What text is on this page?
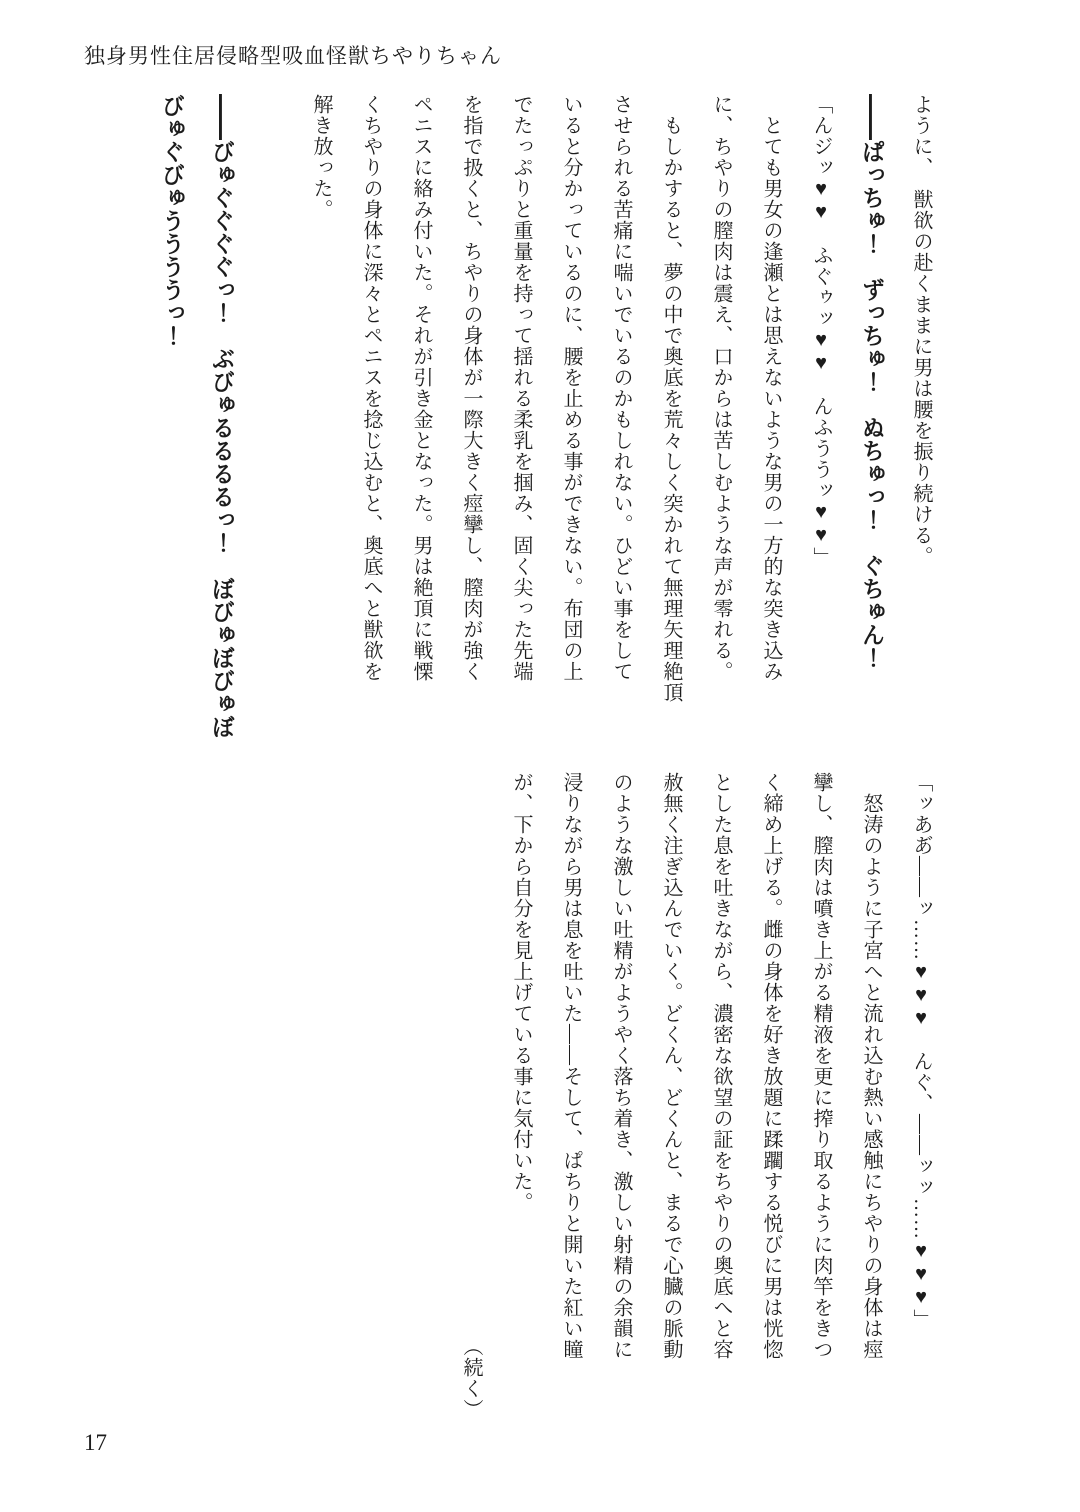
独身男性住居侵略型吸血怪獣ちやりちゃん

ように、　獣欲の赴くままに男は腰を振り続ける。

――ぱっちゅ！　ずっちゅ！　ぬちゅっ！　ぐちゅん！

「んジッ♥♥　ふぐゥッ♥♥　んふううッ♥♥」

　とても男女の逢瀬とは思えないような男の一方的な突き込み

に、ちやりの膣肉は震え、口からは苦しむような声が零れる。

　もしかすると、夢の中で奥底を荒々しく突かれて無理矢理絶頂

させられる苦痛に喘いでいるのかもしれない。ひどい事をして

いると分かっているのに、腰を止める事ができない。布団の上

でたっぷりと重量を持って揺れる柔乳を掴み、固く尖った先端

を指で扱くと、ちやりの身体が一際大きく痙攣し、膣肉が強く

ペニスに絡み付いた。それが引き金となった。男は絶頂に戦慄

くちやりの身体に深々とペニスを捻じ込むと、奥底へと獣欲を

解き放った。

――びゅぐぐぐぐっ！　ぶびゅるるるるっ！　ぼびゅぼびゅぼ

びゅぐびゅううううっ！

「ッああ゙――ッ……♥♥♥　んぐ、――ッッ……♥♥♥」

　怒涛のように子宮へと流れ込む熱い感触にちやりの身体は痙

攣し、膣肉は噴き上がる精液を更に搾り取るように肉竿をきつ

く締め上げる。雌の身体を好き放題に蹂躙する悦びに男は恍惚

とした息を吐きながら、濃密な欲望の証をちやりの奥底へと容

赦無く注ぎ込んでいく。どくん、どくんと、まるで心臓の脈動

のような激しい吐精がようやく落ち着き、激しい射精の余韻に

浸りながら男は息を吐いた――そして、ぱちりと開いた紅い瞳

が、下から自分を見上げている事に気付いた。

（続く）

17
